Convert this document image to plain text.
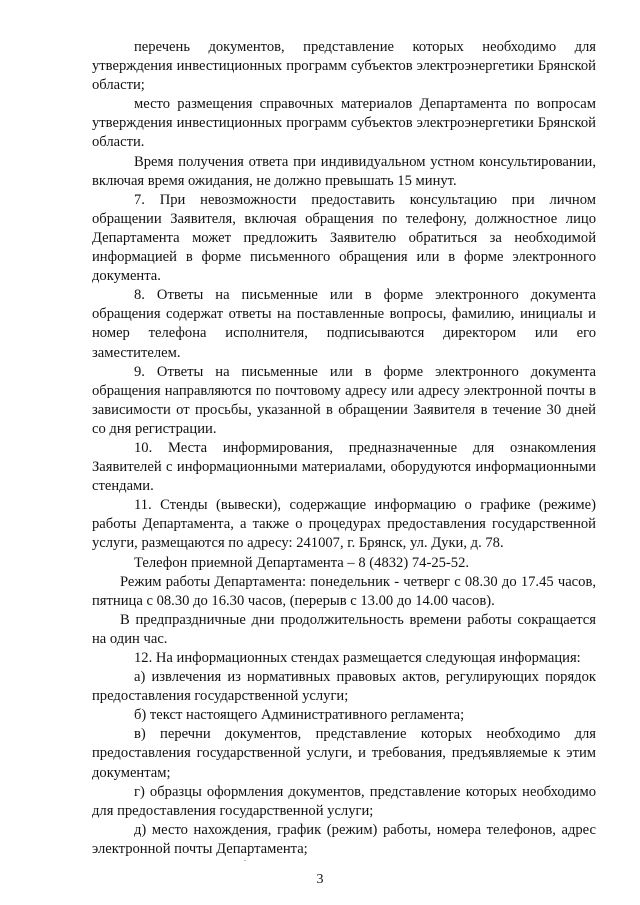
перечень документов, представление которых необходимо для утверждения инвестиционных программ субъектов электроэнергетики Брянской области;

место размещения справочных материалов Департамента по вопросам утверждения инвестиционных программ субъектов электроэнергетики Брянской области.

Время получения ответа при индивидуальном устном консультировании, включая время ожидания, не должно превышать 15 минут.

7. При невозможности предоставить консультацию при личном обращении Заявителя, включая обращения по телефону, должностное лицо Департамента может предложить Заявителю обратиться за необходимой информацией в форме письменного обращения или в форме электронного документа.

8. Ответы на письменные или в форме электронного документа обращения содержат ответы на поставленные вопросы, фамилию, инициалы и номер телефона исполнителя, подписываются директором или его заместителем.

9. Ответы на письменные или в форме электронного документа обращения направляются по почтовому адресу или адресу электронной почты в зависимости от просьбы, указанной в обращении Заявителя в течение 30 дней со дня регистрации.

10. Места информирования, предназначенные для ознакомления Заявителей с информационными материалами, оборудуются информационными стендами.

11. Стенды (вывески), содержащие информацию о графике (режиме) работы Департамента, а также о процедурах предоставления государственной услуги, размещаются по адресу: 241007, г. Брянск, ул. Дуки, д. 78.

Телефон приемной Департамента – 8 (4832) 74-25-52.

Режим работы Департамента: понедельник - четверг с 08.30 до 17.45 часов, пятница с 08.30 до 16.30 часов, (перерыв с 13.00 до 14.00 часов).

В предпраздничные дни продолжительность времени работы сокращается на один час.

12. На информационных стендах размещается следующая информация:

а) извлечения из нормативных правовых актов, регулирующих порядок предоставления государственной услуги;

б) текст настоящего Административного регламента;

в) перечни документов, представление которых необходимо для предоставления государственной услуги, и требования, предъявляемые к этим документам;

г) образцы оформления документов, представление которых необходимо для предоставления государственной услуги;

д) место нахождения, график (режим) работы, номера телефонов, адрес электронной почты Департамента;

3
